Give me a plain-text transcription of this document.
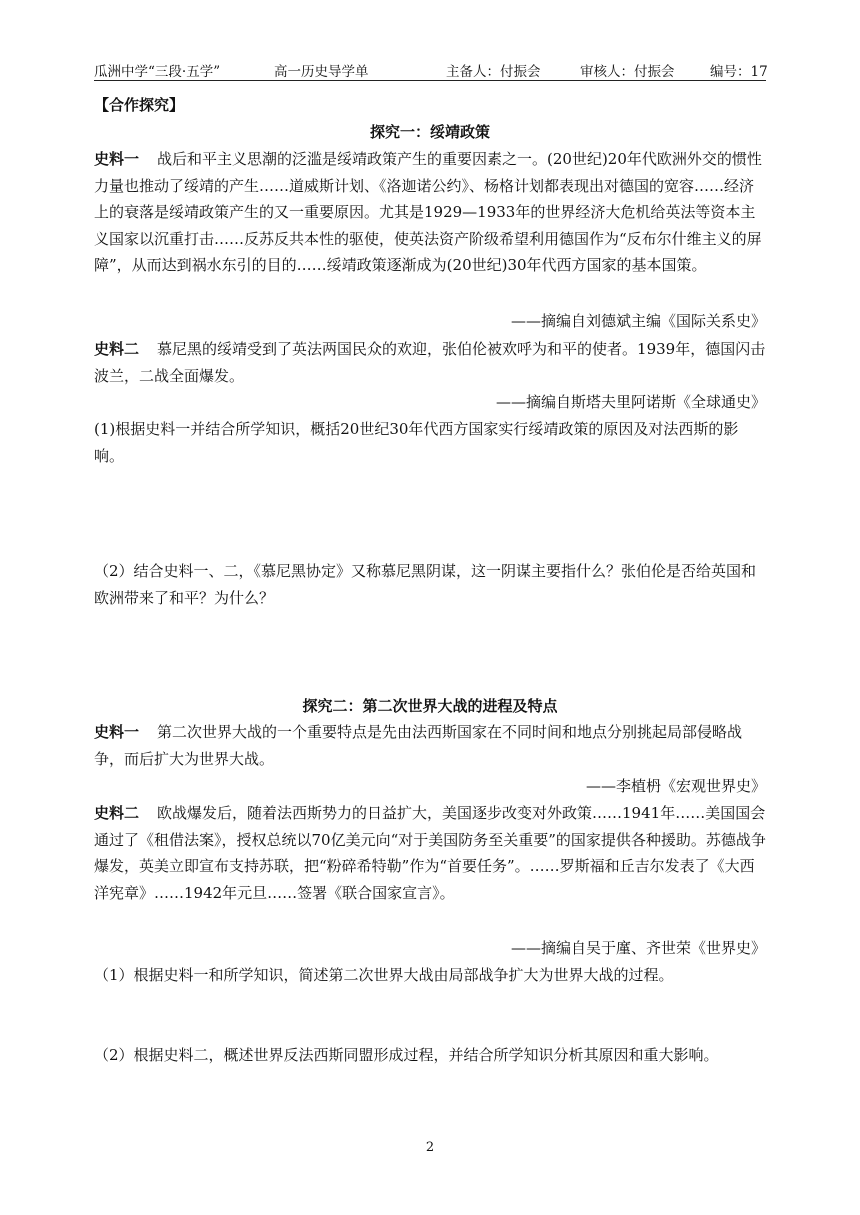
瓜洲中学“三段·五学”	高一历史导学单	主备人：付振会	审核人：付振会	编号：17
【合作探究】
探究一：绥靖政策

史料一 战后和平主义思潮的泛滥是绥靖政策产生的重要因素之一。(20世纪)20年代欧洲外交的惯性力量也推动了绥靖的产生……道威斯计划、《洛迦诺公约》、杨格计划都表现出对德国的宽容……经济上的衰落是绥靖政策产生的又一重要原因。尤其是1929—1933年的世界经济大危机给英法等资本主义国家以沉重打击……反苏反共本性的驱使，使英法资产阶级希望利用德国作为“反布尔什维主义的屏障”，从而达到祸水东引的目的……绥靖政策逐渐成为(20世纪)30年代西方国家的基本国策。

——摘编自刘德斌主编《国际关系史》

史料二 慕尼黑的绥靖受到了英法两国民众的欢迎，张伯伦被欢呼为和平的使者。1939年，德国闪击波兰，二战全面爆发。

——摘编自斯塔夫里阿诺斯《全球通史》
(1)根据史料一并结合所学知识，概括20世纪30年代西方国家实行绥靖政策的原因及对法西斯的影响。
（2）结合史料一、二，《慕尼黑协定》又称慕尼黑阴谋，这一阴谋主要指什么？张伯伦是否给英国和欧洲带来了和平？为什么？
探究二：第二次世界大战的进程及特点

史料一 第二次世界大战的一个重要特点是先由法西斯国家在不同时间和地点分别挑起局部侵略战争，而后扩大为世界大战。

——李植枬《宏观世界史》

史料二 欧战爆发后，随着法西斯势力的日益扩大，美国逐步改变对外政策……1941年……美国国会通过了《租借法案》，授权总统以70亿美元向“对于美国防务至关重要”的国家提供各种援助。苏德战争爆发，英美立即宣布支持苏联，把“粉碎希特勒”作为“首要任务”。……罗斯福和丘吉尔发表了《大西洋宪章》……1942年元旦……签署《联合国家宣言》。

——摘编自吴于廑、齐世荣《世界史》
（1）根据史料一和所学知识，简述第二次世界大战由局部战争扩大为世界大战的过程。
（2）根据史料二，概述世界反法西斯同盟形成过程，并结合所学知识分析其原因和重大影响。
2
